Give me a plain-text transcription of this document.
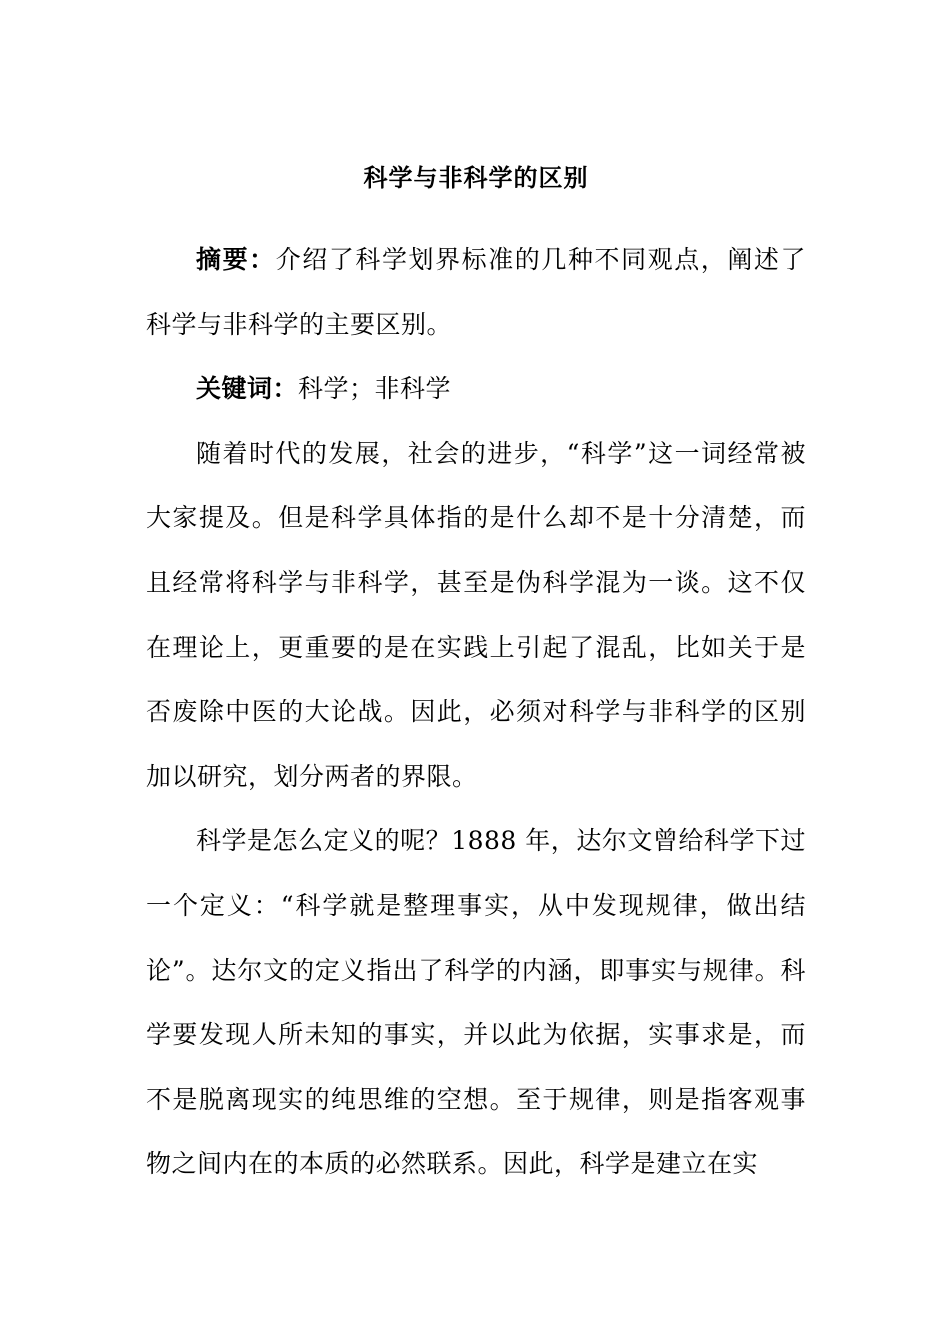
科学与非科学的区别

摘要：介绍了科学划界标准的几种不同观点，阐述了科学与非科学的主要区别。

关键词：科学；非科学

随着时代的发展，社会的进步，“科学”这一词经常被大家提及。但是科学具体指的是什么却不是十分清楚，而且经常将科学与非科学，甚至是伪科学混为一谈。这不仅在理论上，更重要的是在实践上引起了混乱，比如关于是否废除中医的大论战。因此，必须对科学与非科学的区别加以研究，划分两者的界限。

科学是怎么定义的呢？1888 年，达尔文曾给科学下过一个定义：“科学就是整理事实，从中发现规律，做出结论”。达尔文的定义指出了科学的内涵，即事实与规律。科学要发现人所未知的事实，并以此为依据，实事求是，而不是脱离现实的纯思维的空想。至于规律，则是指客观事物之间内在的本质的必然联系。因此，科学是建立在实
